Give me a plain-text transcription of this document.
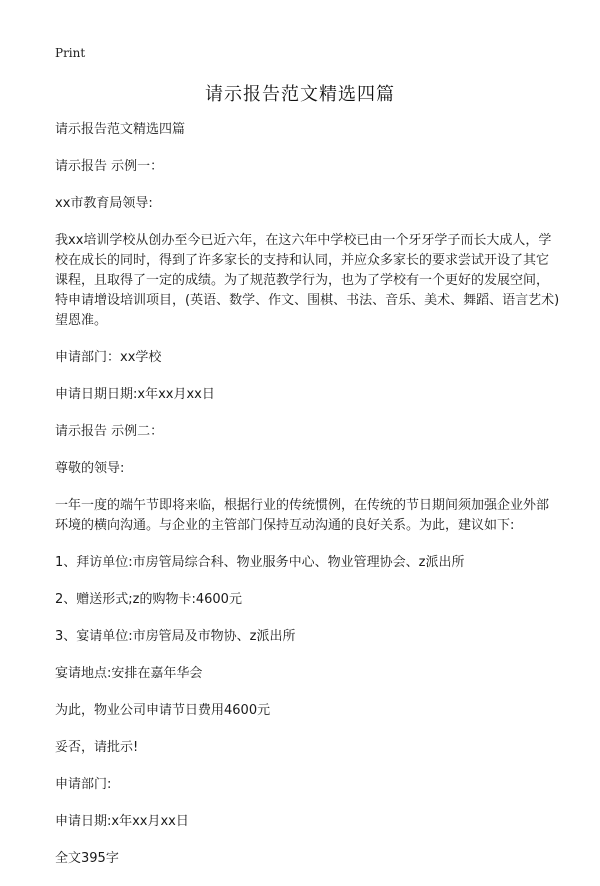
Print
请示报告范文精选四篇

请示报告范文精选四篇

请示报告 示例一：

xx市教育局领导:

我xx培训学校从创办至今已近六年，在这六年中学校已由一个牙牙学子而长大成人，学校在成长的同时，得到了许多家长的支持和认同，并应众多家长的要求尝试开设了其它课程，且取得了一定的成绩。为了规范教学行为，也为了学校有一个更好的发展空间，特申请增设培训项目，(英语、数学、作文、围棋、书法、音乐、美术、舞蹈、语言艺术)望恩准。

申请部门：xx学校

申请日期日期:x年xx月xx日

请示报告 示例二：

尊敬的领导:

一年一度的端午节即将来临，根据行业的传统惯例，在传统的节日期间须加强企业外部环境的横向沟通。与企业的主管部门保持互动沟通的良好关系。为此，建议如下:

1、拜访单位:市房管局综合科、物业服务中心、物业管理协会、z派出所

2、赠送形式;z的购物卡:4600元

3、宴请单位:市房管局及市物协、z派出所

宴请地点:安排在嘉年华会

为此，物业公司申请节日费用4600元

妥否，请批示!

申请部门:

申请日期:x年xx月xx日

全文395字
